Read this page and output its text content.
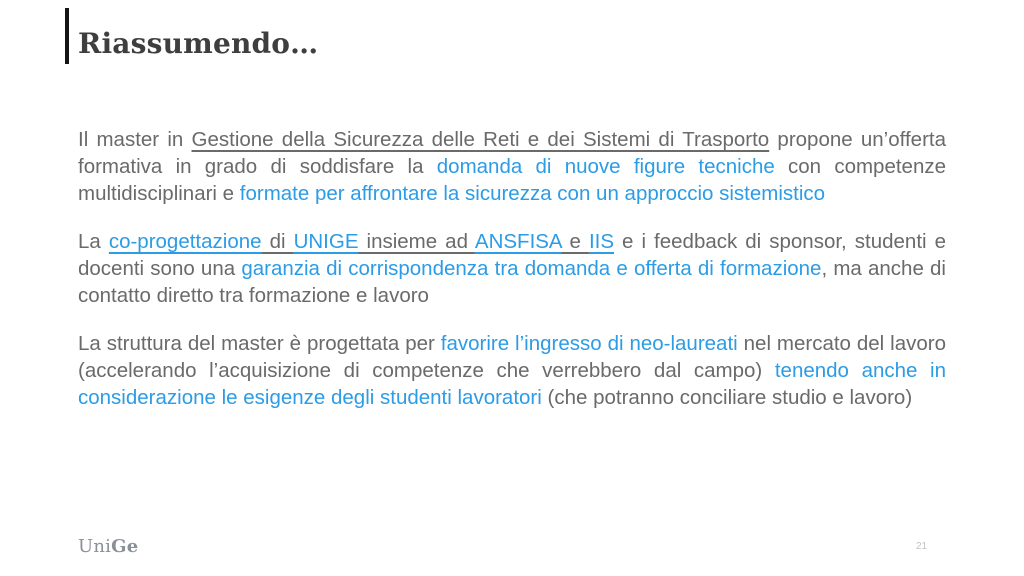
Riassumendo…

Il master in Gestione della Sicurezza delle Reti e dei Sistemi di Trasporto propone un’offerta formativa in grado di soddisfare la domanda di nuove figure tecniche con competenze multidisciplinari e formate per affrontare la sicurezza con un approccio sistemistico

La co-progettazione di UNIGE insieme ad ANSFISA e IIS e i feedback di sponsor, studenti e docenti sono una garanzia di corrispondenza tra domanda e offerta di formazione, ma anche di contatto diretto tra formazione e lavoro

La struttura del master è progettata per favorire l’ingresso di neo-laureati nel mercato del lavoro (accelerando l’acquisizione di competenze che verrebbero dal campo) tenendo anche in considerazione le esigenze degli studenti lavoratori (che potranno conciliare studio e lavoro)

UniGe	21
